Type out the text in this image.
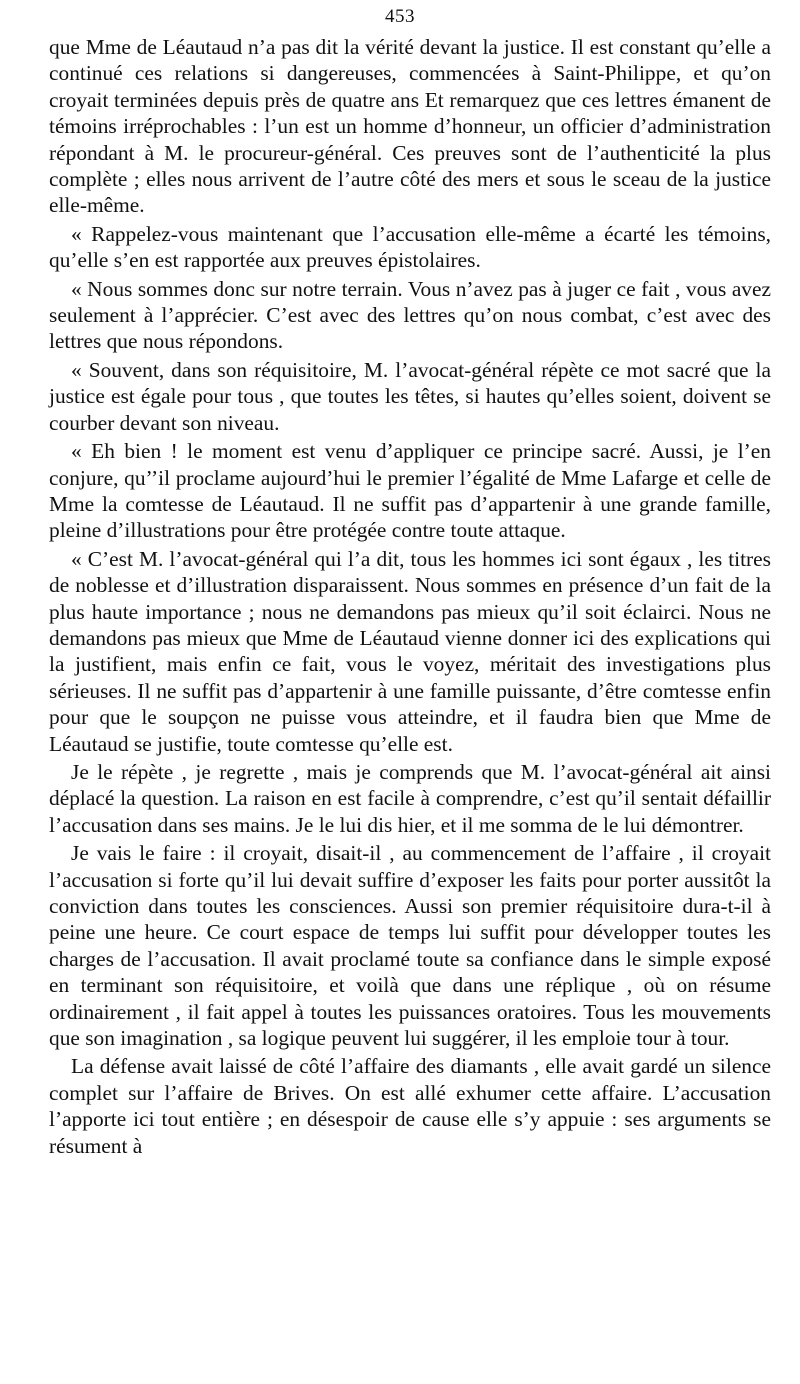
453

que Mme de Léautaud n’a pas dit la vérité devant la justice. Il est constant qu’elle a continué ces relations si dangereuses, commencées à Saint-Philippe, et qu’on croyait terminées depuis près de quatre ans Et remarquez que ces lettres émanent de témoins irréprochables : l’un est un homme d’honneur, un officier d’administration répondant à M. le procureur-général. Ces preuves sont de l’authenticité la plus complète ; elles nous arrivent de l’autre côté des mers et sous le sceau de la justice elle-même.

« Rappelez-vous maintenant que l’accusation elle-même a écarté les témoins, qu’elle s’en est rapportée aux preuves épistolaires.

« Nous sommes donc sur notre terrain. Vous n’avez pas à juger ce fait , vous avez seulement à l’apprécier. C’est avec des lettres qu’on nous combat, c’est avec des lettres que nous répondons.

« Souvent, dans son réquisitoire, M. l’avocat-général répète ce mot sacré que la justice est égale pour tous , que toutes les têtes, si hautes qu’elles soient, doivent se courber devant son niveau.

« Eh bien ! le moment est venu d’appliquer ce principe sacré. Aussi, je l’en conjure, qu’’il proclame aujourd’hui le premier l’égalité de Mme Lafarge et celle de Mme la comtesse de Léautaud. Il ne suffit pas d’appartenir à une grande famille, pleine d’illustrations pour être protégée contre toute attaque.

« C’est M. l’avocat-général qui l’a dit, tous les hommes ici sont égaux , les titres de noblesse et d’illustration disparaissent. Nous sommes en présence d’un fait de la plus haute importance ; nous ne demandons pas mieux qu’il soit éclairci. Nous ne demandons pas mieux que Mme de Léautaud vienne donner ici des explications qui la justifient, mais enfin ce fait, vous le voyez, méritait des investigations plus sérieuses. Il ne suffit pas d’appartenir à une famille puissante, d’être comtesse enfin pour que le soupçon ne puisse vous atteindre, et il faudra bien que Mme de Léautaud se justifie, toute comtesse qu’elle est.

Je le répète , je regrette , mais je comprends que M. l’avocat-général ait ainsi déplacé la question. La raison en est facile à comprendre, c’est qu’il sentait défaillir l’accusation dans ses mains. Je le lui dis hier, et il me somma de le lui démontrer.

Je vais le faire : il croyait, disait-il , au commencement de l’affaire , il croyait l’accusation si forte qu’il lui devait suffire d’exposer les faits pour porter aussitôt la conviction dans toutes les consciences. Aussi son premier réquisitoire dura-t-il à peine une heure. Ce court espace de temps lui suffit pour développer toutes les charges de l’accusation. Il avait proclamé toute sa confiance dans le simple exposé en terminant son réquisitoire, et voilà que dans une réplique , où on résume ordinairement , il fait appel à toutes les puissances oratoires. Tous les mouvements que son imagination , sa logique peuvent lui suggérer, il les emploie tour à tour.

La défense avait laissé de côté l’affaire des diamants , elle avait gardé un silence complet sur l’affaire de Brives. On est allé exhumer cette affaire. L’accusation l’apporte ici tout entière ; en désespoir de cause elle s’y appuie : ses arguments se résument à
